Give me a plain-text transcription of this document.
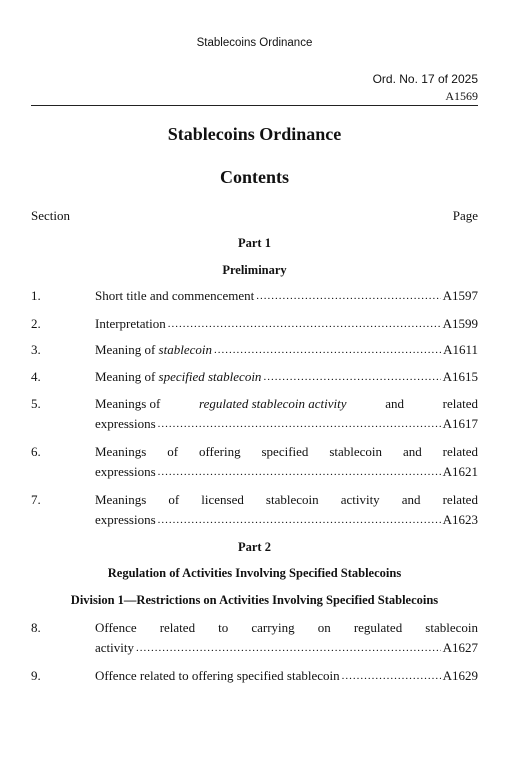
Stablecoins Ordinance
Ord. No. 17 of 2025
A1569
Stablecoins Ordinance
Contents
Section	Page
Part 1
Preliminary
1.	Short title and commencement .....	A1597
2.	Interpretation .....	A1599
3.	Meaning of stablecoin .....	A1611
4.	Meaning of specified stablecoin .....	A1615
5.	Meanings of	regulated stablecoin activity	and	related
expressions .....	A1617
6.	Meanings of offering specified stablecoin and related
expressions .....	A1621
7.	Meanings of licensed stablecoin activity and related
expressions .....	A1623
Part 2
Regulation of Activities Involving Specified Stablecoins
Division 1—Restrictions on Activities Involving Specified Stablecoins
8.	Offence related to carrying on regulated stablecoin
activity .....	A1627
9.	Offence related to offering specified stablecoin .....	A1629
